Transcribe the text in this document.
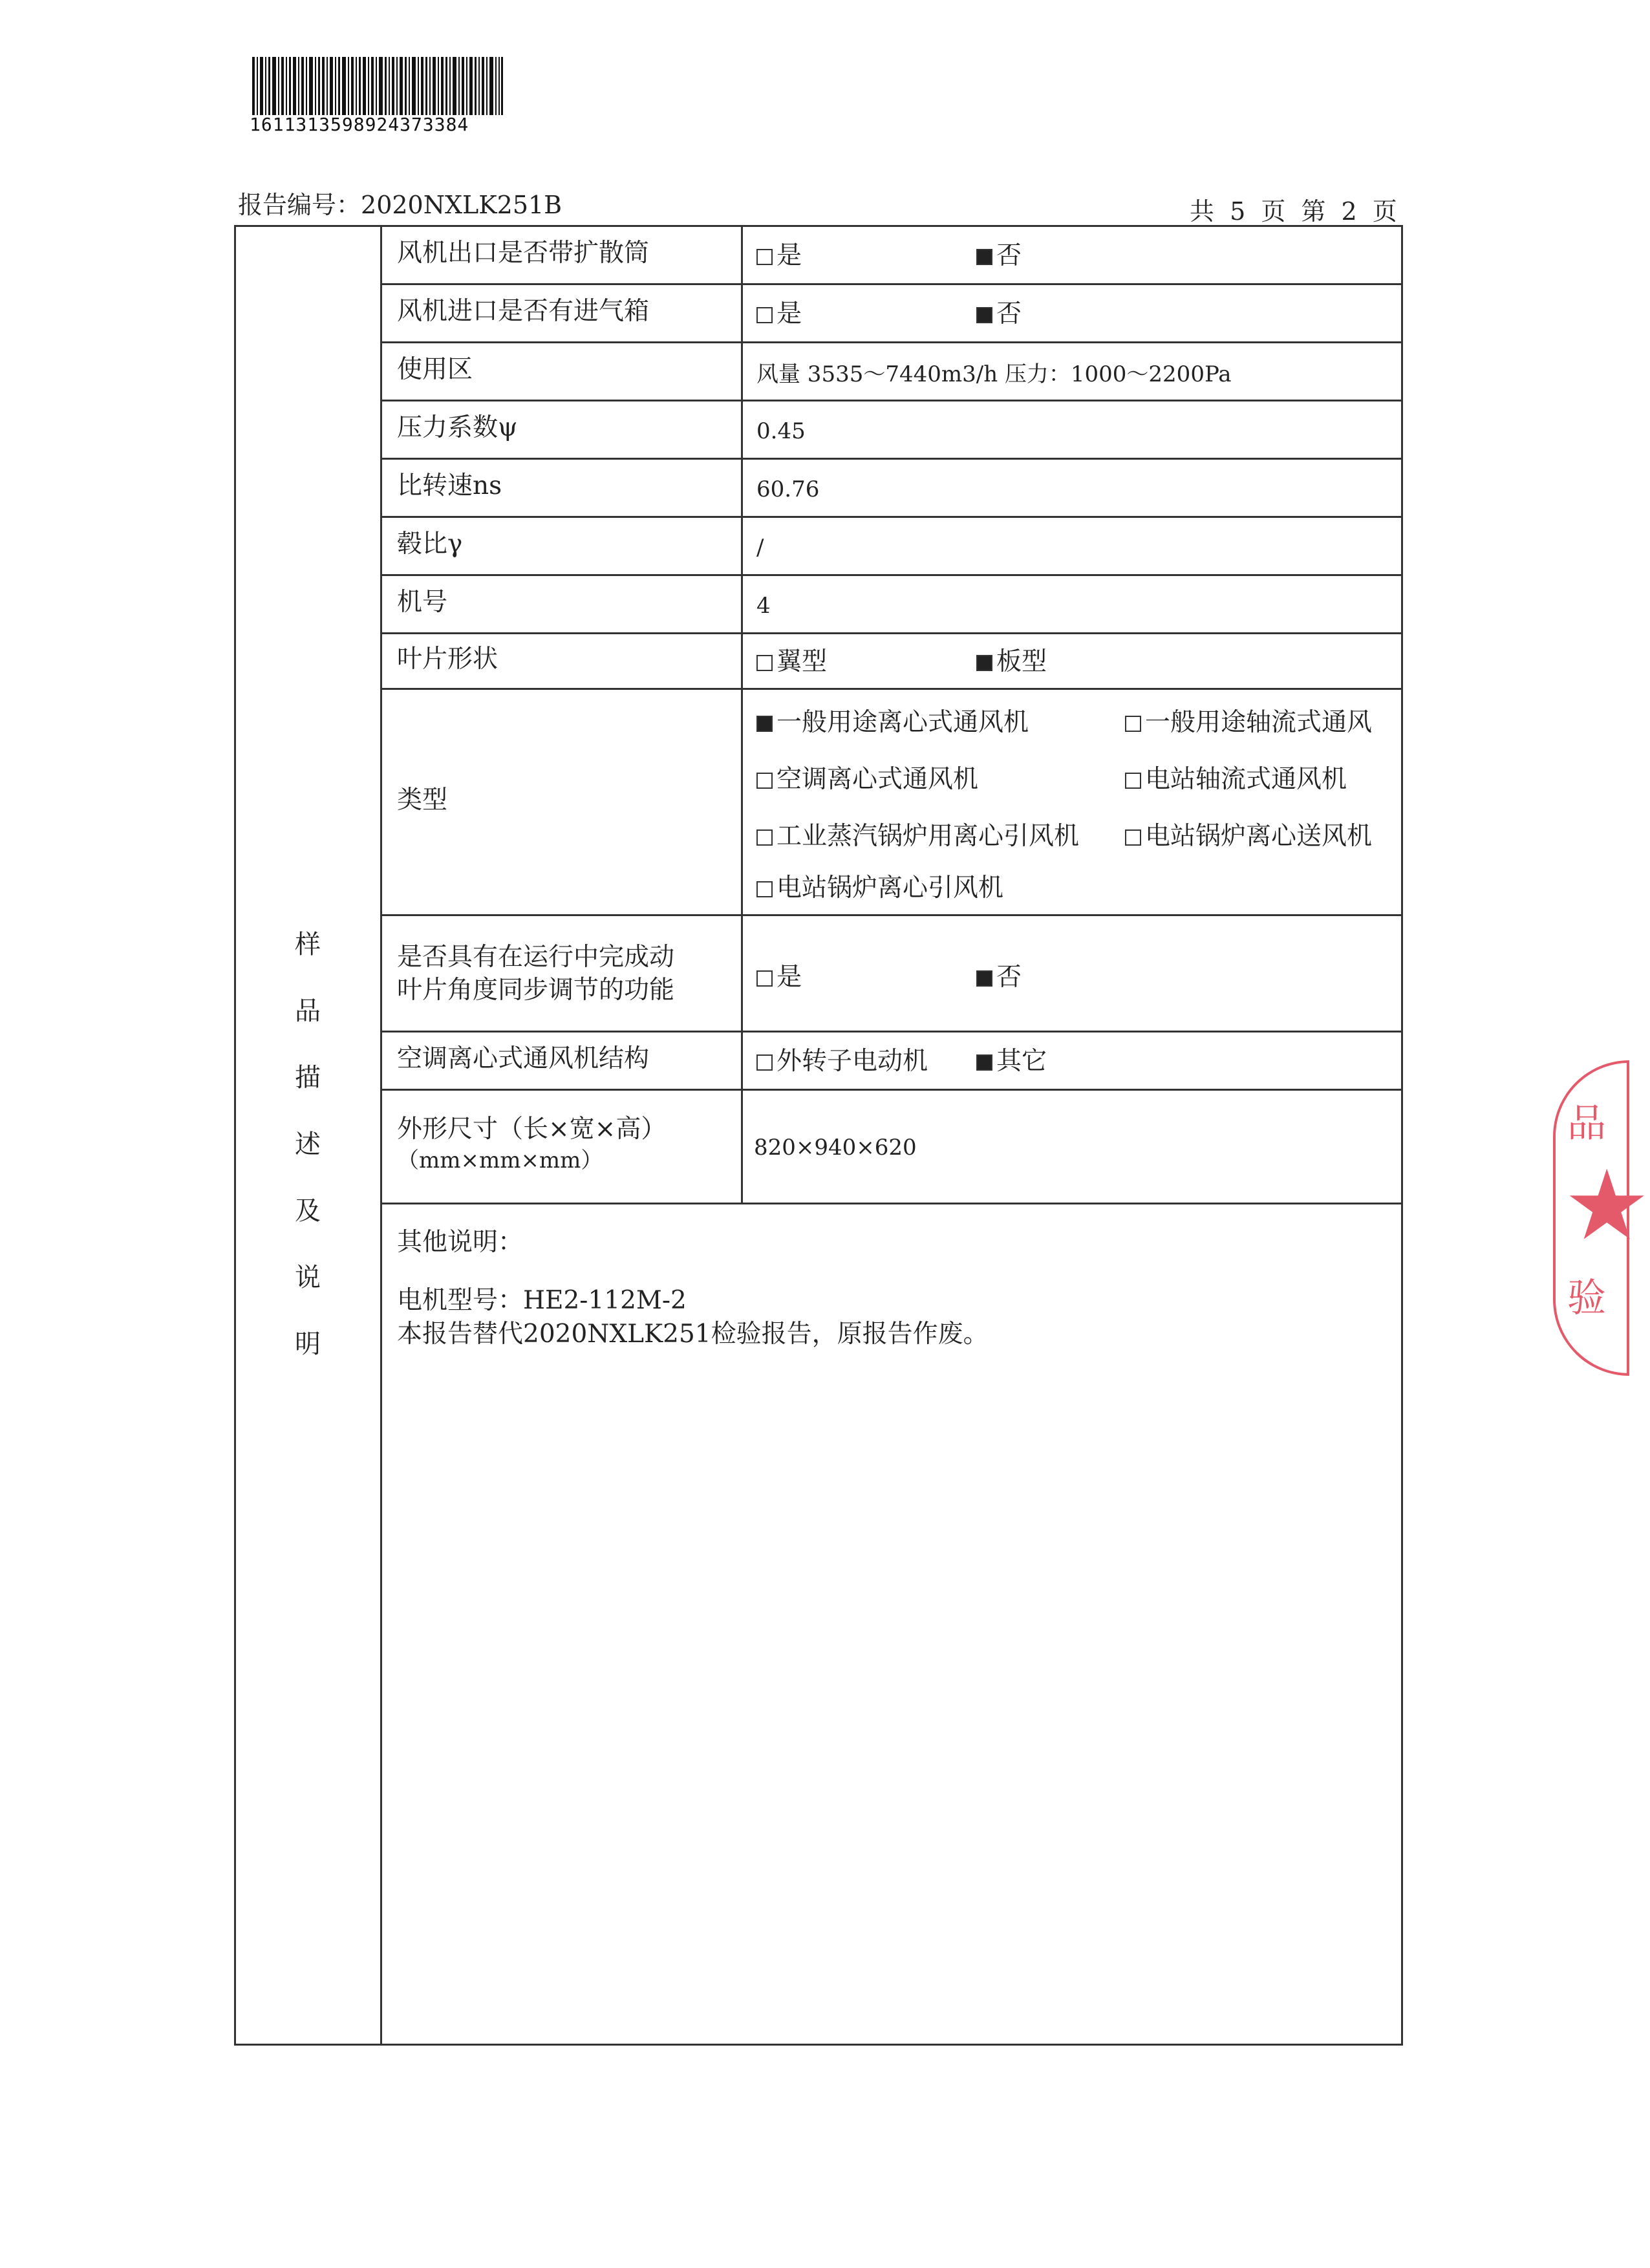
161131359892437338​4
报告编号：2020NXLK251B	共 5 页 第 2 页
样
品
描
述
及
说
明
风机出口是否带扩散筒	是	否
风机进口是否有进气箱	是	否
使用区	风量 3535～7440m3/h 压力：1000～2200Pa
压力系数ψ	0.45
比转速ns	60.76
毂比γ	/
机号	4
叶片形状	翼型	板型
类型
一般用途离心式通风机	一般用途轴流式通风
空调离心式通风机	电站轴流式通风机
工业蒸汽锅炉用离心引风机	电站锅炉离心送风机
电站锅炉离心引风机
是否具有在运行中完成动
叶片角度同步调节的功能	是	否
空调离心式通风机结构	外转子电动机	其它
外形尺寸（长×宽×高）
（mm×mm×mm）	820×940×620
其他说明：
电机型号：HE2-112M-2
本报告替代2020NXLK251检验报告，原报告作废。
品
★
验
